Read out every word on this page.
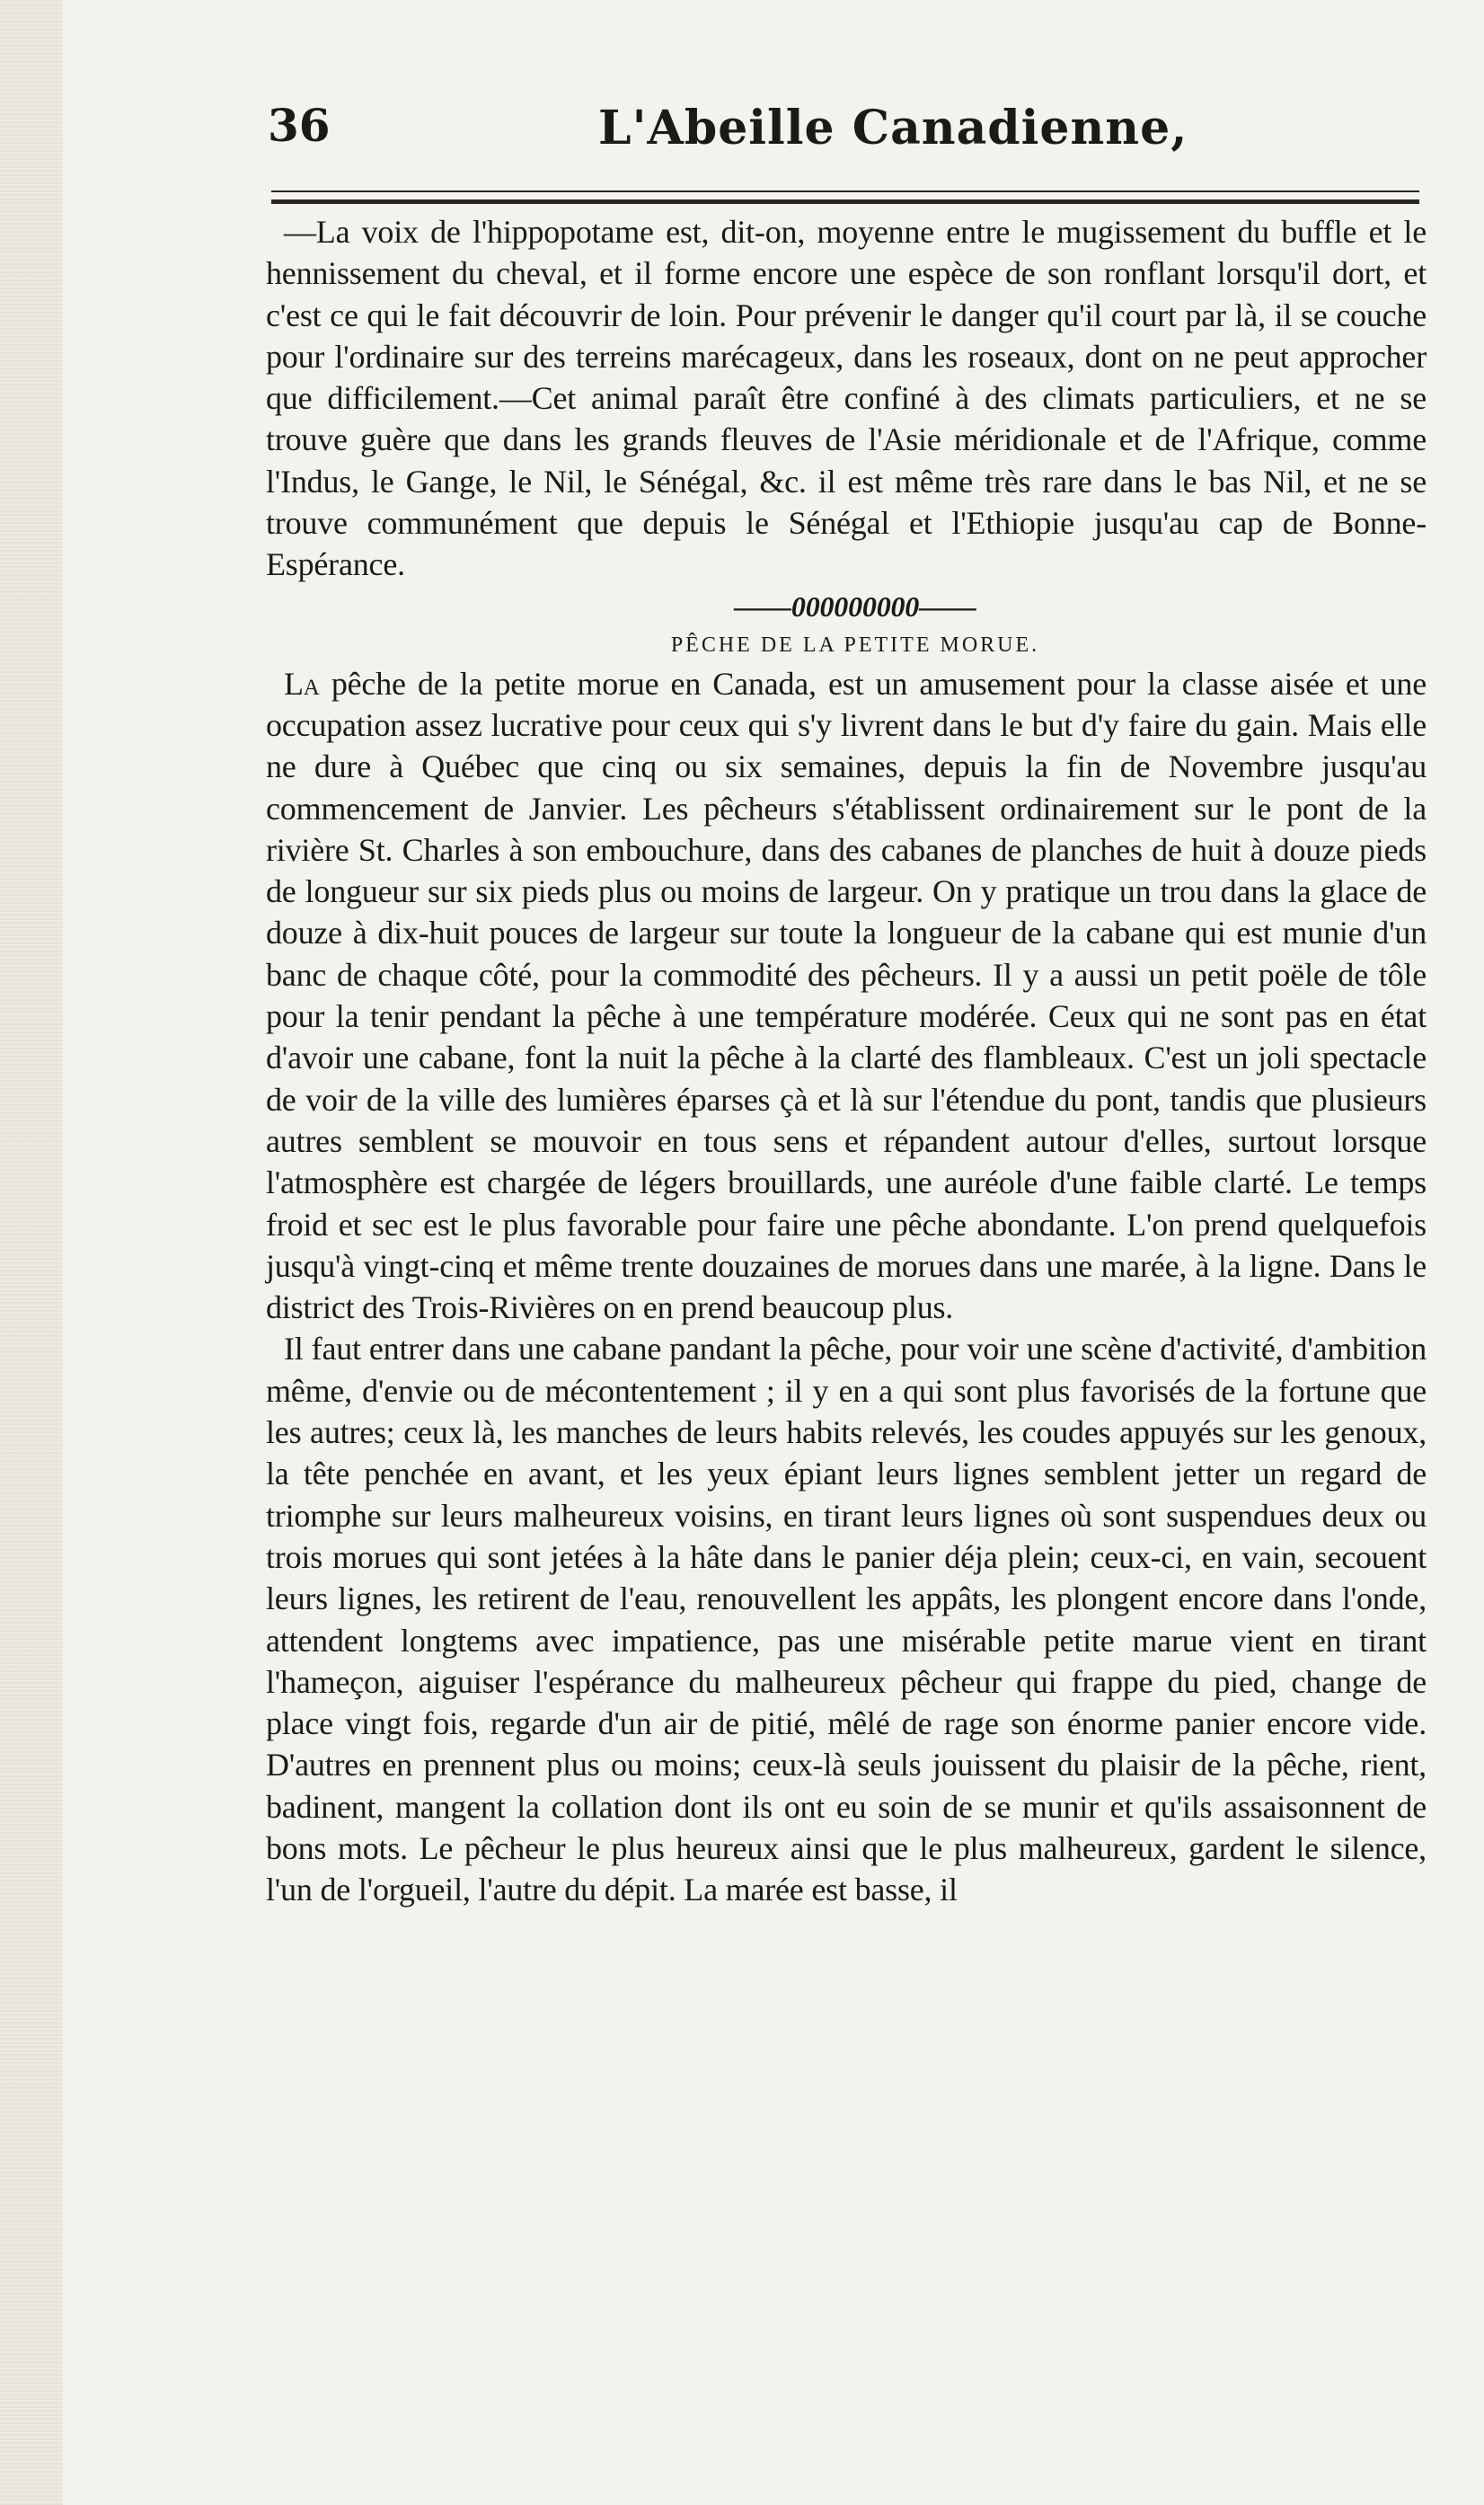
36	L'Abeille Canadienne,

—La voix de l'hippopotame est, dit-on, moyenne entre le mugissement du buffle et le hennissement du cheval, et il forme encore une espèce de son ronflant lorsqu'il dort, et c'est ce qui le fait découvrir de loin. Pour prévenir le danger qu'il court par là, il se couche pour l'ordinaire sur des terreins marécageux, dans les roseaux, dont on ne peut approcher que difficilement.—Cet animal paraît être confiné à des climats particuliers, et ne se trouve guère que dans les grands fleuves de l'Asie méridionale et de l'Afrique, comme l'Indus, le Gange, le Nil, le Sénégal, &c. il est même très rare dans le bas Nil, et ne se trouve communément que depuis le Sénégal et l'Ethiopie jusqu'au cap de Bonne-Espérance.

——000000000——

PÊCHE DE LA PETITE MORUE.

La pêche de la petite morue en Canada, est un amusement pour la classe aisée et une occupation assez lucrative pour ceux qui s'y livrent dans le but d'y faire du gain. Mais elle ne dure à Québec que cinq ou six semaines, depuis la fin de Novembre jusqu'au commencement de Janvier. Les pêcheurs s'établissent ordinairement sur le pont de la rivière St. Charles à son embouchure, dans des cabanes de planches de huit à douze pieds de longueur sur six pieds plus ou moins de largeur. On y pratique un trou dans la glace de douze à dix-huit pouces de largeur sur toute la longueur de la cabane qui est munie d'un banc de chaque côté, pour la commodité des pêcheurs. Il y a aussi un petit poële de tôle pour la tenir pendant la pêche à une température modérée. Ceux qui ne sont pas en état d'avoir une cabane, font la nuit la pêche à la clarté des flambleaux. C'est un joli spectacle de voir de la ville des lumières éparses çà et là sur l'étendue du pont, tandis que plusieurs autres semblent se mouvoir en tous sens et répandent autour d'elles, surtout lorsque l'atmosphère est chargée de légers brouillards, une auréole d'une faible clarté. Le temps froid et sec est le plus favorable pour faire une pêche abondante. L'on prend quelquefois jusqu'à vingt-cinq et même trente douzaines de morues dans une marée, à la ligne. Dans le district des Trois-Rivières on en prend beaucoup plus.

Il faut entrer dans une cabane pandant la pêche, pour voir une scène d'activité, d'ambition même, d'envie ou de mécontentement ; il y en a qui sont plus favorisés de la fortune que les autres; ceux là, les manches de leurs habits relevés, les coudes appuyés sur les genoux, la tête penchée en avant, et les yeux épiant leurs lignes semblent jetter un regard de triomphe sur leurs malheureux voisins, en tirant leurs lignes où sont suspendues deux ou trois morues qui sont jetées à la hâte dans le panier déja plein; ceux-ci, en vain, secouent leurs lignes, les retirent de l'eau, renouvellent les appâts, les plongent encore dans l'onde, attendent longtems avec impatience, pas une misérable petite marue vient en tirant l'hameçon, aiguiser l'espérance du malheureux pêcheur qui frappe du pied, change de place vingt fois, regarde d'un air de pitié, mêlé de rage son énorme panier encore vide. D'autres en prennent plus ou moins; ceux-là seuls jouissent du plaisir de la pêche, rient, badinent, mangent la collation dont ils ont eu soin de se munir et qu'ils assaisonnent de bons mots. Le pêcheur le plus heureux ainsi que le plus malheureux, gardent le silence, l'un de l'orgueil, l'autre du dépit. La marée est basse, il
